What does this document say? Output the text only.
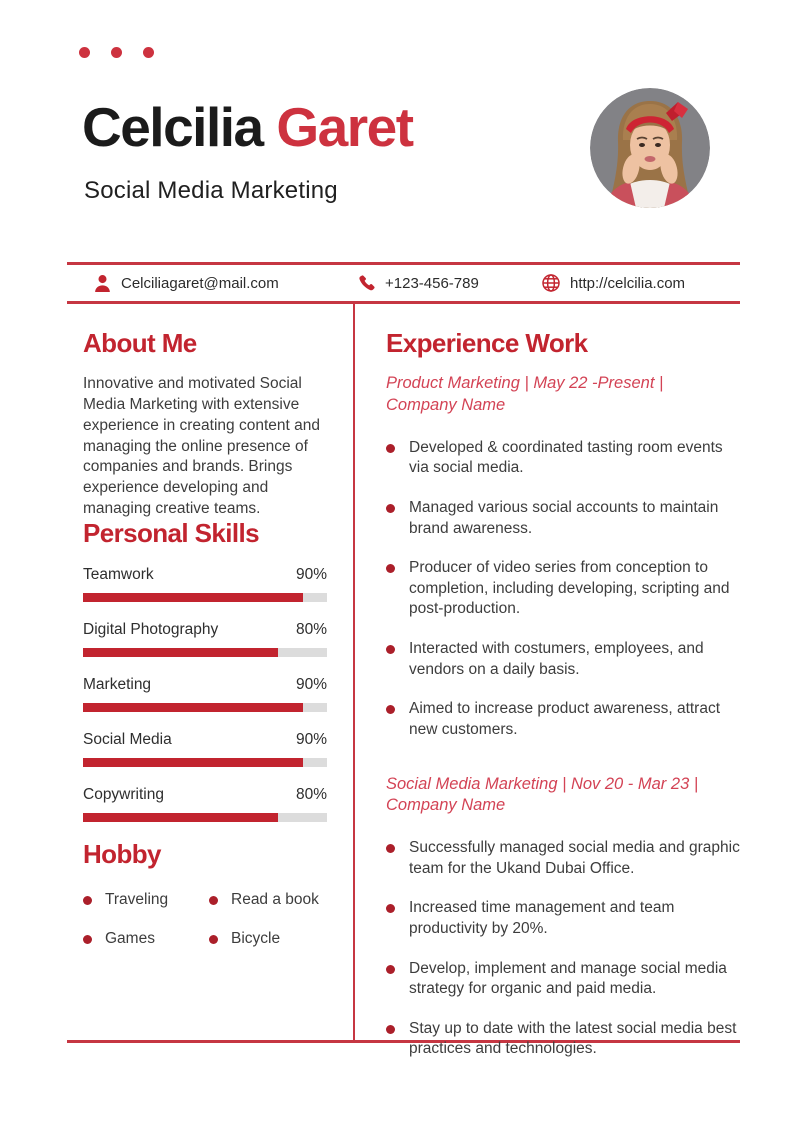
Celcilia Garet
Social Media Marketing
Celciliagaret@mail.com	+123-456-789	http://celcilia.com
About Me

Innovative and motivated Social Media Marketing with extensive experience in creating content and managing the online presence of companies and brands. Brings experience developing and managing creative teams.

Personal Skills
Teamwork	90%
Digital Photography	80%
Marketing	90%
Social Media	90%
Copywriting	80%
Hobby
Traveling	Read a book
Games	Bicycle
Experience Work

Product Marketing | May 22 -Present | Company Name

Developed & coordinated tasting room events via social media.
Managed various social accounts to maintain brand awareness.
Producer of video series from conception to completion, including developing, scripting and post-production.
Interacted with costumers, employees, and vendors on a daily basis.
Aimed to increase product awareness, attract new customers.

Social Media Marketing | Nov 20 - Mar 23 | Company Name

Successfully managed social media and graphic team for the Ukand Dubai Office.
Increased time management and team productivity by 20%.
Develop, implement and manage social media strategy for organic and paid media.
Stay up to date with the latest social media best practices and technologies.
